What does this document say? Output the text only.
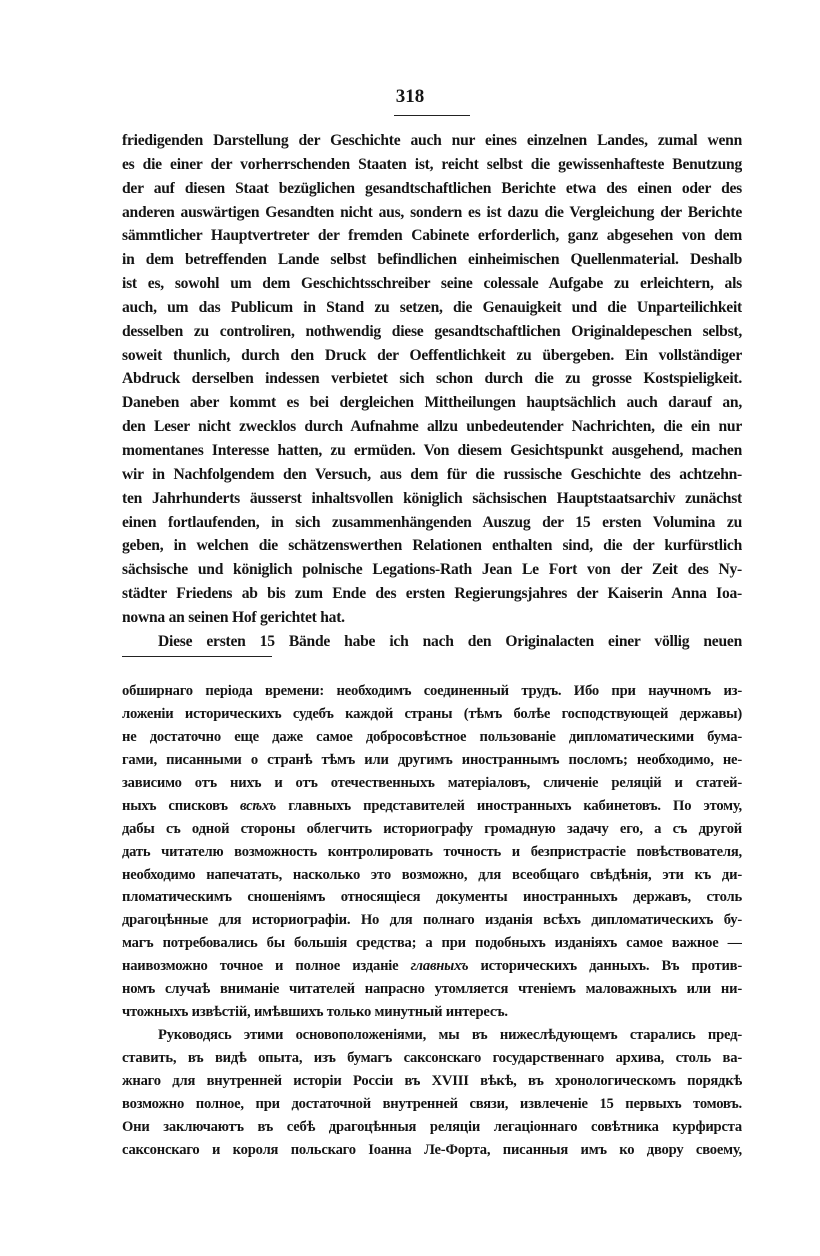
318
friedigenden Darstellung der Geschichte auch nur eines einzelnen Landes, zumal wenn
es die einer der vorherrschenden Staaten ist, reicht selbst die gewissenhafteste Benutzung
der auf diesen Staat bezüglichen gesandtschaftlichen Berichte etwa des einen oder des
anderen auswärtigen Gesandten nicht aus, sondern es ist dazu die Vergleichung der Berichte
sämmtlicher Hauptvertreter der fremden Cabinete erforderlich, ganz abgesehen von dem
in dem betreffenden Lande selbst befindlichen einheimischen Quellenmaterial. Deshalb
ist es, sowohl um dem Geschichtsschreiber seine colessale Aufgabe zu erleichtern, als
auch, um das Publicum in Stand zu setzen, die Genauigkeit und die Unparteilichkeit
desselben zu controliren, nothwendig diese gesandtschaftlichen Originaldepeschen selbst,
soweit thunlich, durch den Druck der Oeffentlichkeit zu übergeben. Ein vollständiger
Abdruck derselben indessen verbietet sich schon durch die zu grosse Kostspieligkeit.
Daneben aber kommt es bei dergleichen Mittheilungen hauptsächlich auch darauf an,
den Leser nicht zwecklos durch Aufnahme allzu unbedeutender Nachrichten, die ein nur
momentanes Interesse hatten, zu ermüden. Von diesem Gesichtspunkt ausgehend, machen
wir in Nachfolgendem den Versuch, aus dem für die russische Geschichte des achtzehn-
ten Jahrhunderts äusserst inhaltsvollen königlich sächsischen Hauptstaatsarchiv zunächst
einen fortlaufenden, in sich zusammenhängenden Auszug der 15 ersten Volumina zu
geben, in welchen die schätzenswerthen Relationen enthalten sind, die der kurfürstlich
sächsische und königlich polnische Legations-Rath Jean Le Fort von der Zeit des Ny-
städter Friedens ab bis zum Ende des ersten Regierungsjahres der Kaiserin Anna Ioa-
nowna an seinen Hof gerichtet hat.
Diese ersten 15 Bände habe ich nach den Originalacten einer völlig neuen
обширнаго періода времени: необходимъ соединенный трудъ. Ибо при научномъ из-
ложеніи историческихъ судебъ каждой страны (тѣмъ болѣе господствующей державы)
не достаточно еще даже самое добросовѣстное пользованіе дипломатическими бума-
гами, писанными о странѣ тѣмъ или другимъ иностраннымъ посломъ; необходимо, не-
зависимо отъ нихъ и отъ отечественныхъ матеріаловъ, сличеніе реляцій и статей-
ныхъ списковъ всѣхъ главныхъ представителей иностранныхъ кабинетовъ. По этому,
дабы съ одной стороны облегчить историографу громадную задачу его, а съ другой
дать читателю возможность контролировать точность и безпристрастіе повѣствователя,
необходимо напечатать, насколько это возможно, для всеобщаго свѣдѣнія, эти къ ди-
пломатическимъ сношеніямъ относящіеся документы иностранныхъ державъ, столь
драгоцѣнные для историографіи. Но для полнаго изданія всѣхъ дипломатическихъ бу-
магъ потребовались бы большія средства; а при подобныхъ изданіяхъ самое важное —
наивозможно точное и полное изданіе главныхъ историческихъ данныхъ. Въ против-
номъ случаѣ вниманіе читателей напрасно утомляется чтеніемъ маловажныхъ или ни-
чтожныхъ извѣстій, имѣвшихъ только минутный интересъ.
Руководясь этими основоположеніями, мы въ нижеслѣдующемъ старались пред-
ставить, въ видѣ опыта, изъ бумагъ саксонскаго государственнаго архива, столь ва-
жнаго для внутренней исторіи Россіи въ XVIII вѣкѣ, въ хронологическомъ порядкѣ
возможно полное, при достаточной внутренней связи, извлеченіе 15 первыхъ томовъ.
Они заключаютъ въ себѣ драгоцѣнныя реляціи легаціоннаго совѣтника курфирста
саксонскаго и короля польскаго Іоанна Ле-Форта, писанныя имъ ко двору своему,
